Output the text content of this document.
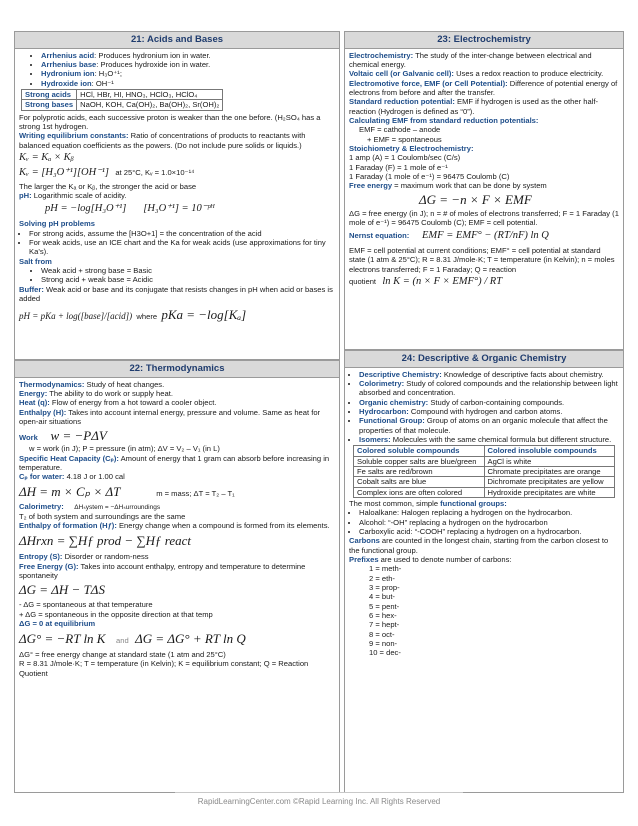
21: Acids and Bases
• Arrhenius acid: Produces hydronium ion in water.
• Arrhenius base: Produces hydroxide ion in water.
• Hydronium ion: H₃O⁺¹;
• Hydroxide ion: OH⁻¹
Strong acids	HCl, HBr, HI, HNO₃, HClO₃, HClO₄
Strong bases	NaOH, KOH, Ca(OH)₂, Ba(OH)₂, Sr(OH)₂

For polyprotic acids, each successive proton is weaker than the one before. (H₂SO₄ has a strong 1st hydrogen.

Writing equilibrium constants: Ratio of concentrations of products to reactants with balanced equation coefficients as the powers. (Do not include pure solids or liquids.)

Kᵥ = Kₐ × Kᵦ

Kᵥ = [H₃O⁺¹][OH⁻¹] at 25°C, Kᵥ = 1.0×10⁻¹⁴

The larger the Kₐ or Kᵦ, the stronger the acid or base

pH: Logarithmic scale of acidity.

pH = −log[H₃O⁺¹] [H₃O⁺¹] = 10⁻ᵖᴴ

Solving pH problems

• For strong acids, assume the [H3O+1] = the concentration of the acid
• For weak acids, use an ICE chart and the Ka for weak acids (use approximations for tiny Ka’s).

Salt from

• Weak acid + strong base = Basic
• Strong acid + weak base = Acidic

Buffer: Weak acid or base and its conjugate that resists changes in pH when acid or bases is added

pH = pKa + log([base]/[acid]) where pKa = −log[Kₐ]

22: Thermodynamics

Thermodynamics: Study of heat changes.

Energy: The ability to do work or supply heat.

Heat (q): Flow of energy from a hot toward a cooler object.

Enthalpy (H): Takes into account internal energy, pressure and volume. Same as heat for open-air situations

Work w = −PΔV

w = work (in J); P = pressure (in atm); ΔV = V₂ – V₁ (in L)

Specific Heat Capacity (Cₚ): Amount of energy that 1 gram can absorb before increasing in temperature.

Cₚ for water: 4.18 J or 1.00 cal

ΔH = m × Cₚ × ΔT	m = mass; ΔT = T₂ – T₁

Calorimetry: ΔHₛystem = −ΔHₛurroundings

T₂ of both system and surroundings are the same

Enthalpy of formation (Hƒ): Energy change when a compound is formed from its elements.

ΔHrxn = ∑Hƒ prod − ∑Hƒ react

Entropy (S): Disorder or random-ness

Free Energy (G): Takes into account enthalpy, entropy and temperature to determine spontaneity

ΔG = ΔH − TΔS

- ΔG = spontaneous at that temperature

+ ΔG = spontaneous in the opposite direction at that temp

ΔG = 0 at equilibrium

ΔG° = −RT ln K and ΔG = ΔG° + RT ln Q

ΔG° = free energy change at standard state (1 atm and 25°C)

R = 8.31 J/mole·K; T = temperature (in Kelvin); K = equilibrium constant; Q = Reaction Quotient

23: Electrochemistry

Electrochemistry: The study of the inter-change between electrical and chemical energy.

Voltaic cell (or Galvanic cell): Uses a redox reaction to produce electricity.

Electromotive force, EMF (or Cell Potential): Difference of potential energy of electrons from before and after the transfer.

Standard reduction potential: EMF if hydrogen is used as the other half-reaction (Hydrogen is defined as “0”).

Calculating EMF from standard reduction potentials:

EMF = cathode – anode

+ EMF = spontaneous

Stoichiometry & Electrochemistry:

1 amp (A) = 1 Coulomb/sec (C/s)

1 Faraday (F) = 1 mole of e⁻¹

1 Faraday (1 mole of e⁻¹) = 96475 Coulomb (C)

Free energy = maximum work that can be done by system

ΔG = −n × F × EMF

ΔG = free energy (in J); n = # of moles of electrons transferred; F = 1 Faraday (1 mole of e⁻¹) = 96475 Coulomb (C); EMF = cell potential.

Nernst equation: EMF = EMF° − (RT/nF) ln Q

EMF = cell potential at current conditions; EMF° = cell potential at standard state (1 atm & 25°C); R = 8.31 J/mole·K; T = temperature (in Kelvin); n = moles electrons transferred; F = 1 Faraday; Q = reaction

quotient ln K = (n × F × EMF°) / RT

24: Descriptive & Organic Chemistry
• Descriptive Chemistry: Knowledge of descriptive facts about chemistry.
• Colorimetry: Study of colored compounds and the relationship between light absorbed and concentration.
• Organic chemistry: Study of carbon-containing compounds.
• Hydrocarbon: Compound with hydrogen and carbon atoms.
• Functional Group: Group of atoms on an organic molecule that affect the properties of that molecule.
• Isomers: Molecules with the same chemical formula but different structure.
Colored soluble compounds	Colored insoluble compounds
Soluble copper salts are blue/green	AgCl is white
Fe salts are red/brown	Chromate precipitates are orange
Cobalt salts are blue	Dichromate precipitates are yellow
Complex ions are often colored	Hydroxide precipitates are white

The most common, simple functional groups:

• Haloalkane: Halogen replacing a hydrogen on the hydrocarbon.
• Alcohol: “-OH” replacing a hydrogen on the hydrocarbon
• Carboxylic acid: “-COOH” replacing a hydrogen on a hydrocarbon.

Carbons are counted in the longest chain, starting from the carbon closest to the functional group.

Prefixes are used to denote number of carbons:

1 = meth-

2 = eth-

3 = prop-

4 = but-

5 = pent-

6 = hex-

7 = hept-

8 = oct-

9 = non-

10 = dec-

RapidLearningCenter.com ©Rapid Learning Inc. All Rights Reserved
